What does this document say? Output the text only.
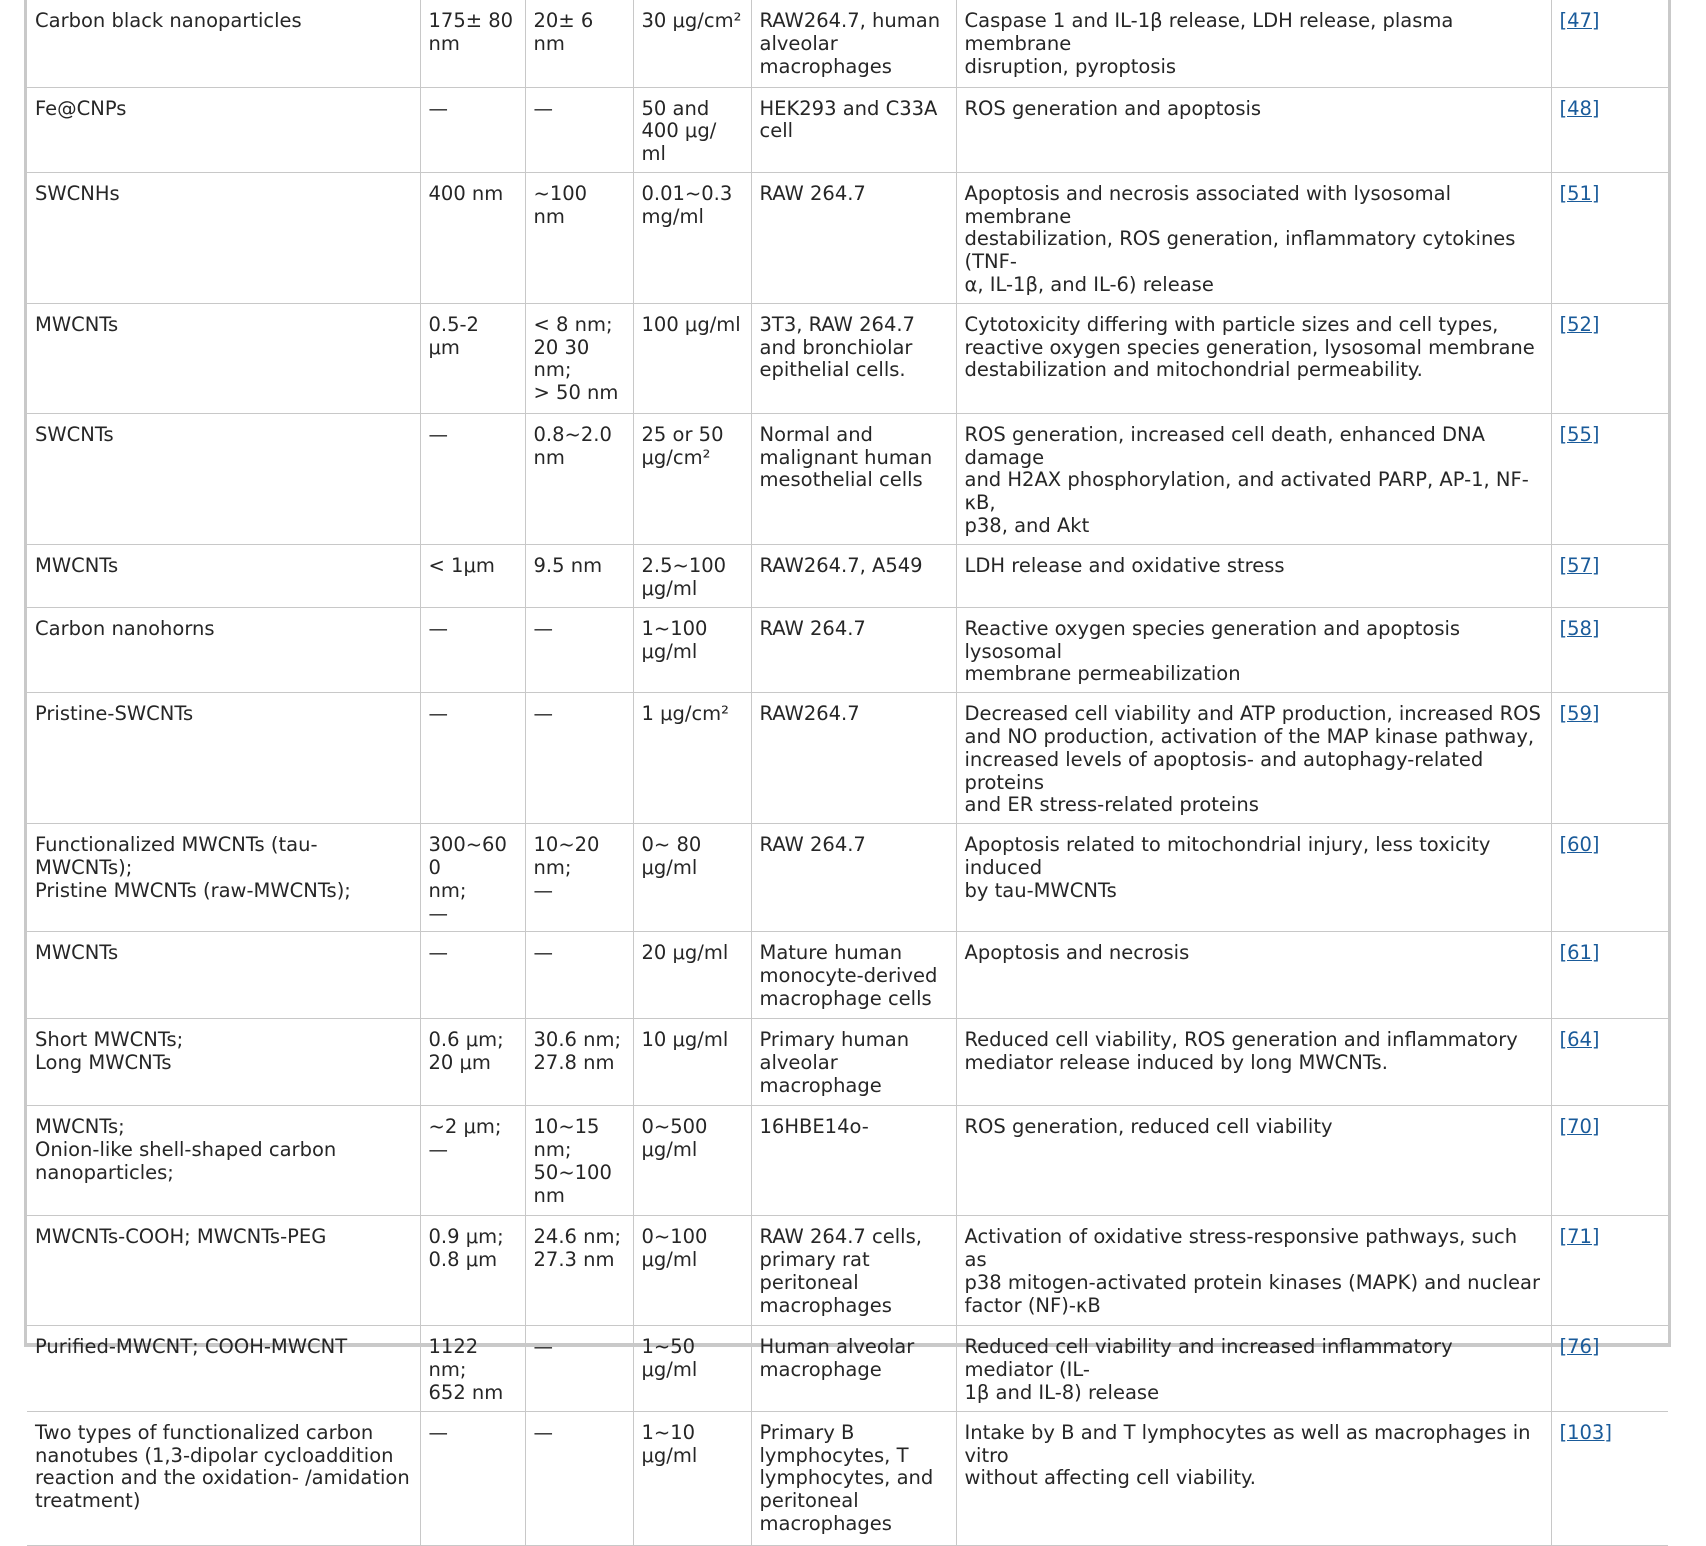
Carbon black nanoparticles	175± 80
nm	20± 6 nm	30 μg/cm²	RAW264.7, human
alveolar
macrophages	Caspase 1 and IL-1β release, LDH release, plasma membrane
disruption, pyroptosis	[47]

Fe@CNPs	—	—	50 and
400 μg/ ml	HEK293 and C33A
cell	ROS generation and apoptosis	[48]

SWCNHs	400 nm	~100 nm	0.01~0.3
mg/ml	RAW 264.7	Apoptosis and necrosis associated with lysosomal membrane
destabilization, ROS generation, inflammatory cytokines (TNF-
α, IL-1β, and IL-6) release	[51]

MWCNTs	0.5-2 μm	< 8 nm;
20 30
nm;
> 50 nm	100 μg/ml	3T3, RAW 264.7
and bronchiolar
epithelial cells.	Cytotoxicity differing with particle sizes and cell types,
reactive oxygen species generation, lysosomal membrane
destabilization and mitochondrial permeability.	[52]

SWCNTs	—	0.8~2.0
nm	25 or 50
μg/cm²	Normal and
malignant human
mesothelial cells	ROS generation, increased cell death, enhanced DNA damage
and H2AX phosphorylation, and activated PARP, AP-1, NF-κB,
p38, and Akt	[55]

MWCNTs	< 1μm	9.5 nm	2.5~100
μg/ml	RAW264.7, A549	LDH release and oxidative stress	[57]

Carbon nanohorns	—	—	1~100
μg/ml	RAW 264.7	Reactive oxygen species generation and apoptosis lysosomal
membrane permeabilization	[58]

Pristine-SWCNTs	—	—	1 μg/cm²	RAW264.7	Decreased cell viability and ATP production, increased ROS
and NO production, activation of the MAP kinase pathway,
increased levels of apoptosis- and autophagy-related proteins
and ER stress-related proteins	[59]

Functionalized MWCNTs (tau-MWCNTs);
Pristine MWCNTs (raw-MWCNTs);	300~600
nm;
—	10~20
nm;
—	0~ 80
μg/ml	RAW 264.7	Apoptosis related to mitochondrial injury, less toxicity induced
by tau-MWCNTs	[60]

MWCNTs	—	—	20 μg/ml	Mature human
monocyte-derived
macrophage cells	Apoptosis and necrosis	[61]

Short MWCNTs;
Long MWCNTs	0.6 μm;
20 μm	30.6 nm;
27.8 nm	10 μg/ml	Primary human
alveolar
macrophage	Reduced cell viability, ROS generation and inflammatory
mediator release induced by long MWCNTs.	[64]

MWCNTs;
Onion-like shell-shaped carbon
nanoparticles;	~2 μm;
—	10~15
nm;
50~100
nm	0~500
μg/ml	16HBE14o-	ROS generation, reduced cell viability	[70]

MWCNTs-COOH; MWCNTs-PEG	0.9 μm;
0.8 μm	24.6 nm;
27.3 nm	0~100
μg/ml	RAW 264.7 cells,
primary rat
peritoneal
macrophages	Activation of oxidative stress-responsive pathways, such as
p38 mitogen-activated protein kinases (MAPK) and nuclear
factor (NF)-κB	[71]

Purified-MWCNT; COOH-MWCNT	1122 nm;
652 nm	—	1~50
μg/ml	Human alveolar
macrophage	Reduced cell viability and increased inflammatory mediator (IL-
1β and IL-8) release	[76]

Two types of functionalized carbon
nanotubes (1,3-dipolar cycloaddition
reaction and the oxidation- /amidation
treatment)	—	—	1~10 μg/ml	Primary B
lymphocytes, T
lymphocytes, and
peritoneal
macrophages	Intake by B and T lymphocytes as well as macrophages in vitro
without affecting cell viability.	[103]
